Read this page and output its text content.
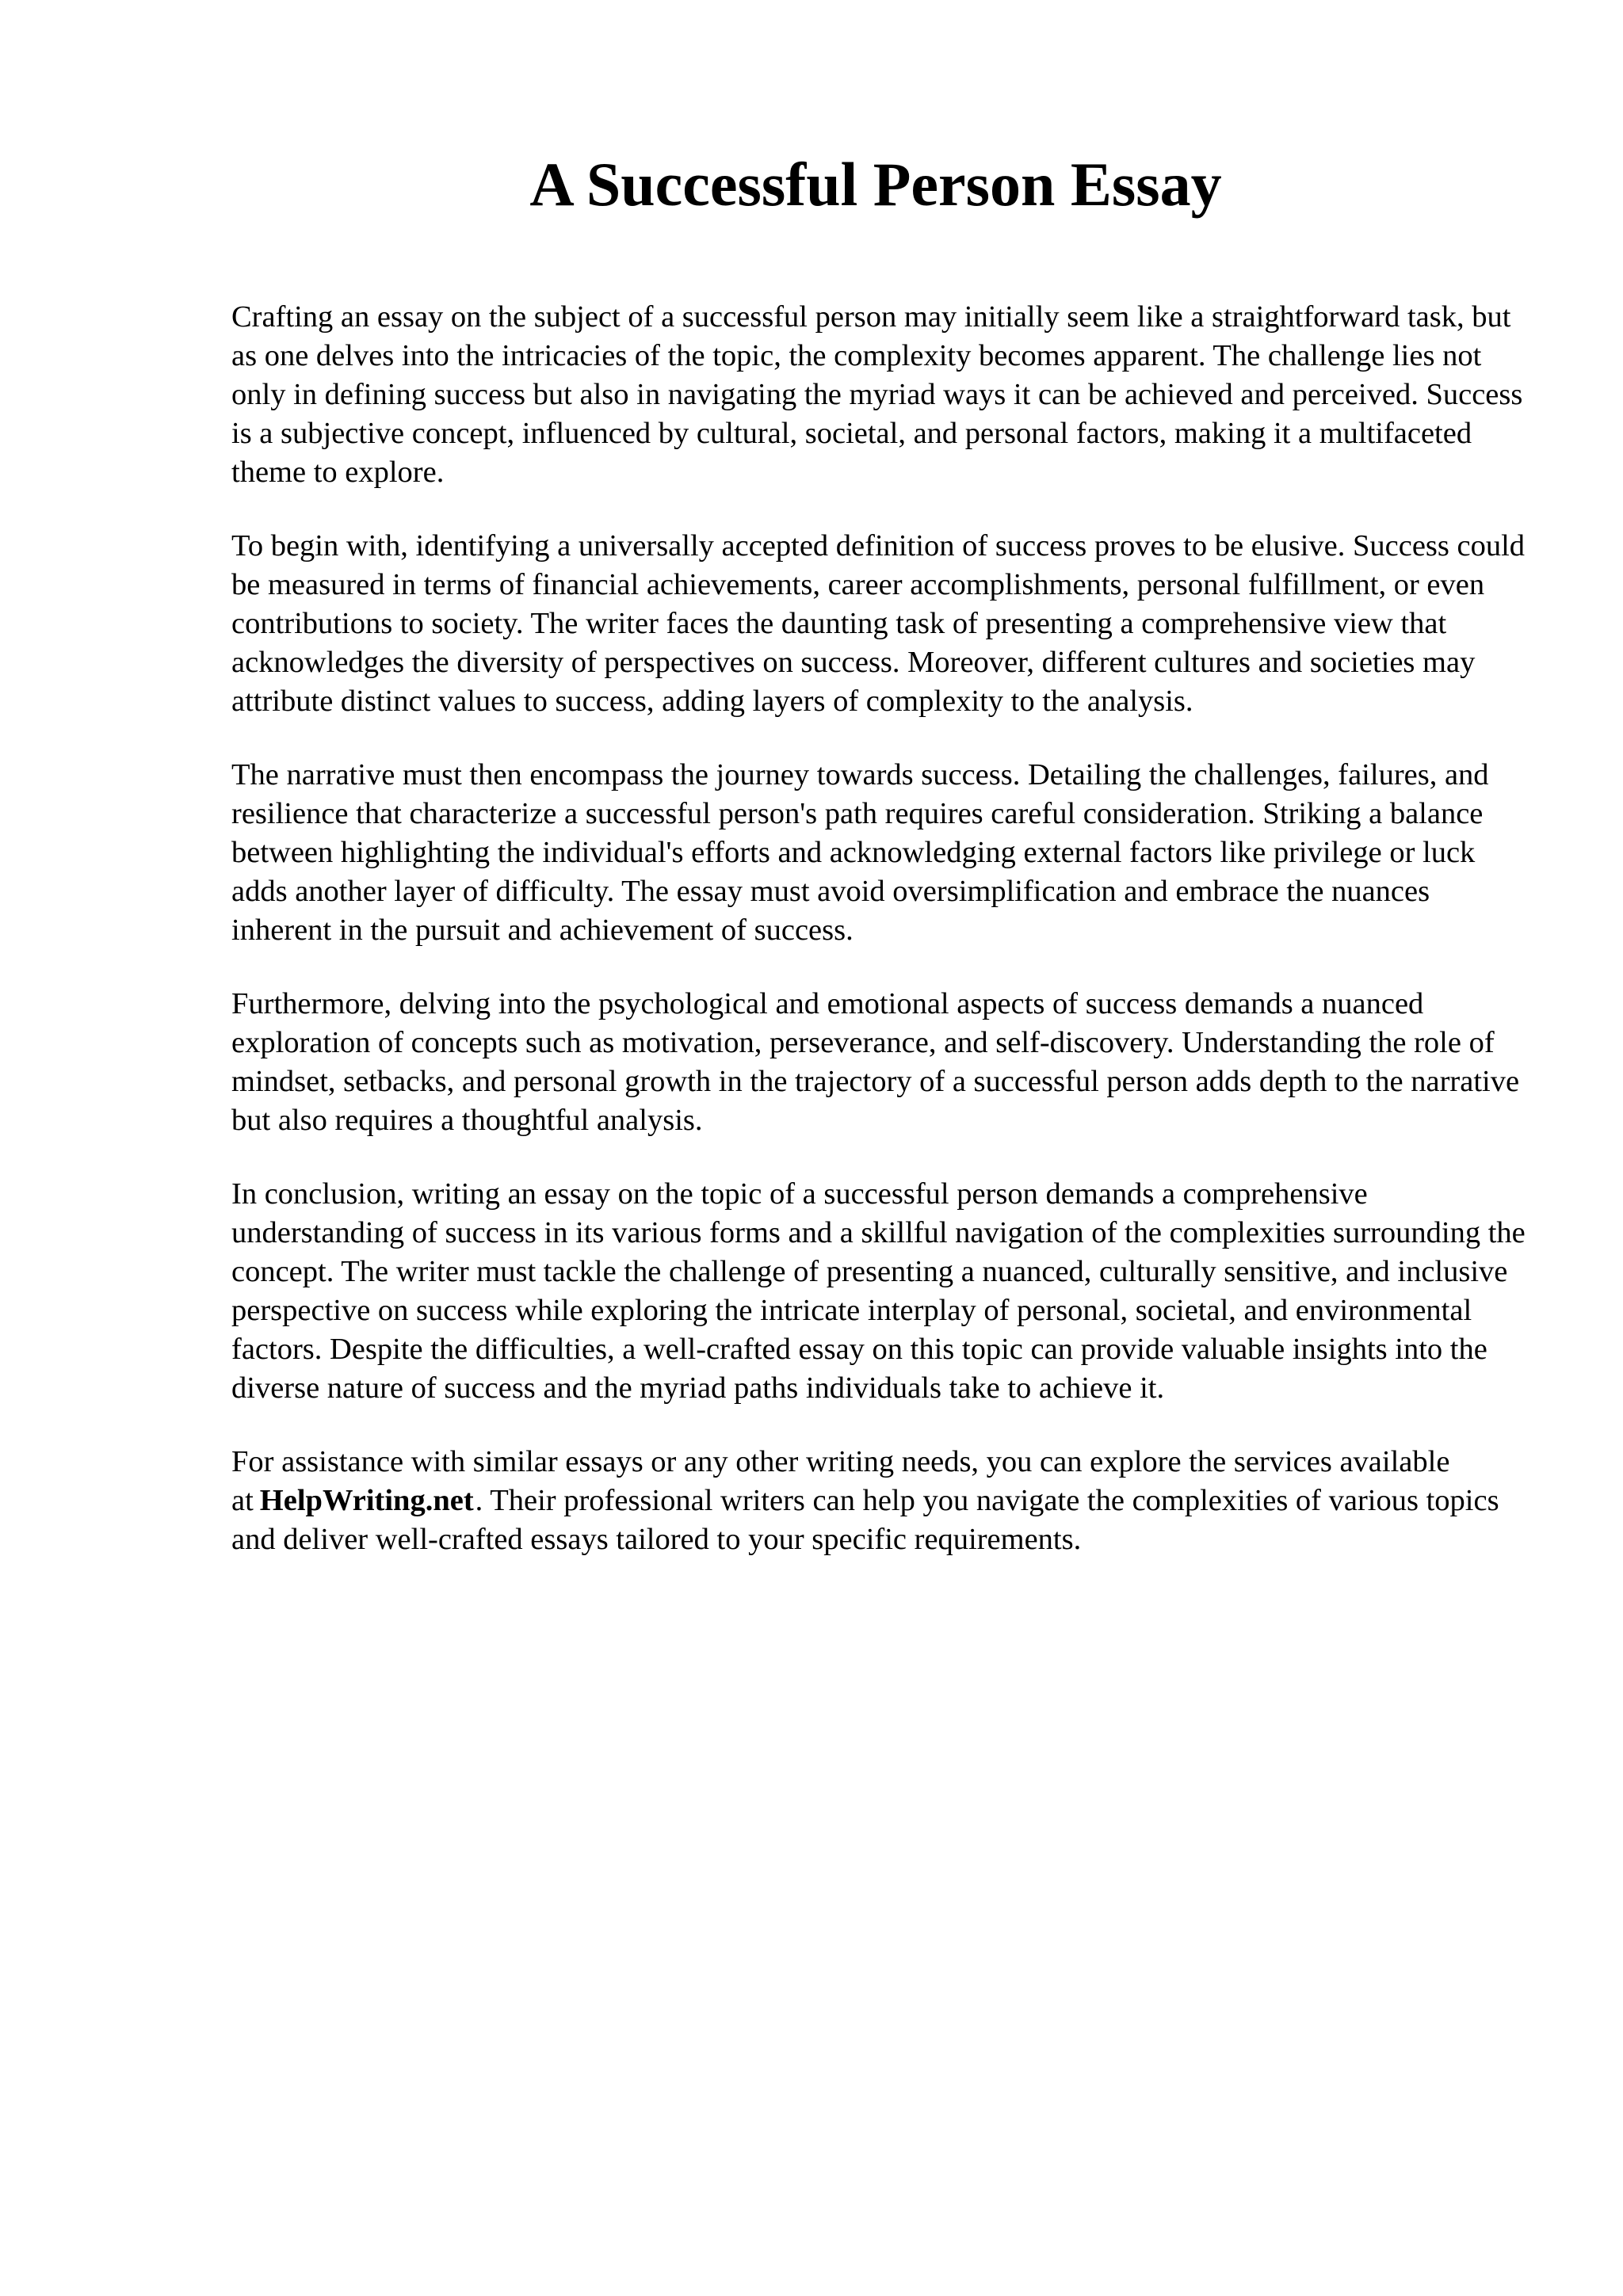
A Successful Person Essay

Crafting an essay on the subject of a successful person may initially seem like a straightforward task, but as one delves into the intricacies of the topic, the complexity becomes apparent. The challenge lies not only in defining success but also in navigating the myriad ways it can be achieved and perceived. Success is a subjective concept, influenced by cultural, societal, and personal factors, making it a multifaceted theme to explore.

To begin with, identifying a universally accepted definition of success proves to be elusive. Success could be measured in terms of financial achievements, career accomplishments, personal fulfillment, or even contributions to society. The writer faces the daunting task of presenting a comprehensive view that acknowledges the diversity of perspectives on success. Moreover, different cultures and societies may attribute distinct values to success, adding layers of complexity to the analysis.

The narrative must then encompass the journey towards success. Detailing the challenges, failures, and resilience that characterize a successful person's path requires careful consideration. Striking a balance between highlighting the individual's efforts and acknowledging external factors like privilege or luck adds another layer of difficulty. The essay must avoid oversimplification and embrace the nuances inherent in the pursuit and achievement of success.

Furthermore, delving into the psychological and emotional aspects of success demands a nuanced exploration of concepts such as motivation, perseverance, and self-discovery. Understanding the role of mindset, setbacks, and personal growth in the trajectory of a successful person adds depth to the narrative but also requires a thoughtful analysis.

In conclusion, writing an essay on the topic of a successful person demands a comprehensive understanding of success in its various forms and a skillful navigation of the complexities surrounding the concept. The writer must tackle the challenge of presenting a nuanced, culturally sensitive, and inclusive perspective on success while exploring the intricate interplay of personal, societal, and environmental factors. Despite the difficulties, a well-crafted essay on this topic can provide valuable insights into the diverse nature of success and the myriad paths individuals take to achieve it.

For assistance with similar essays or any other writing needs, you can explore the services available at HelpWriting.net. Their professional writers can help you navigate the complexities of various topics and deliver well-crafted essays tailored to your specific requirements.
